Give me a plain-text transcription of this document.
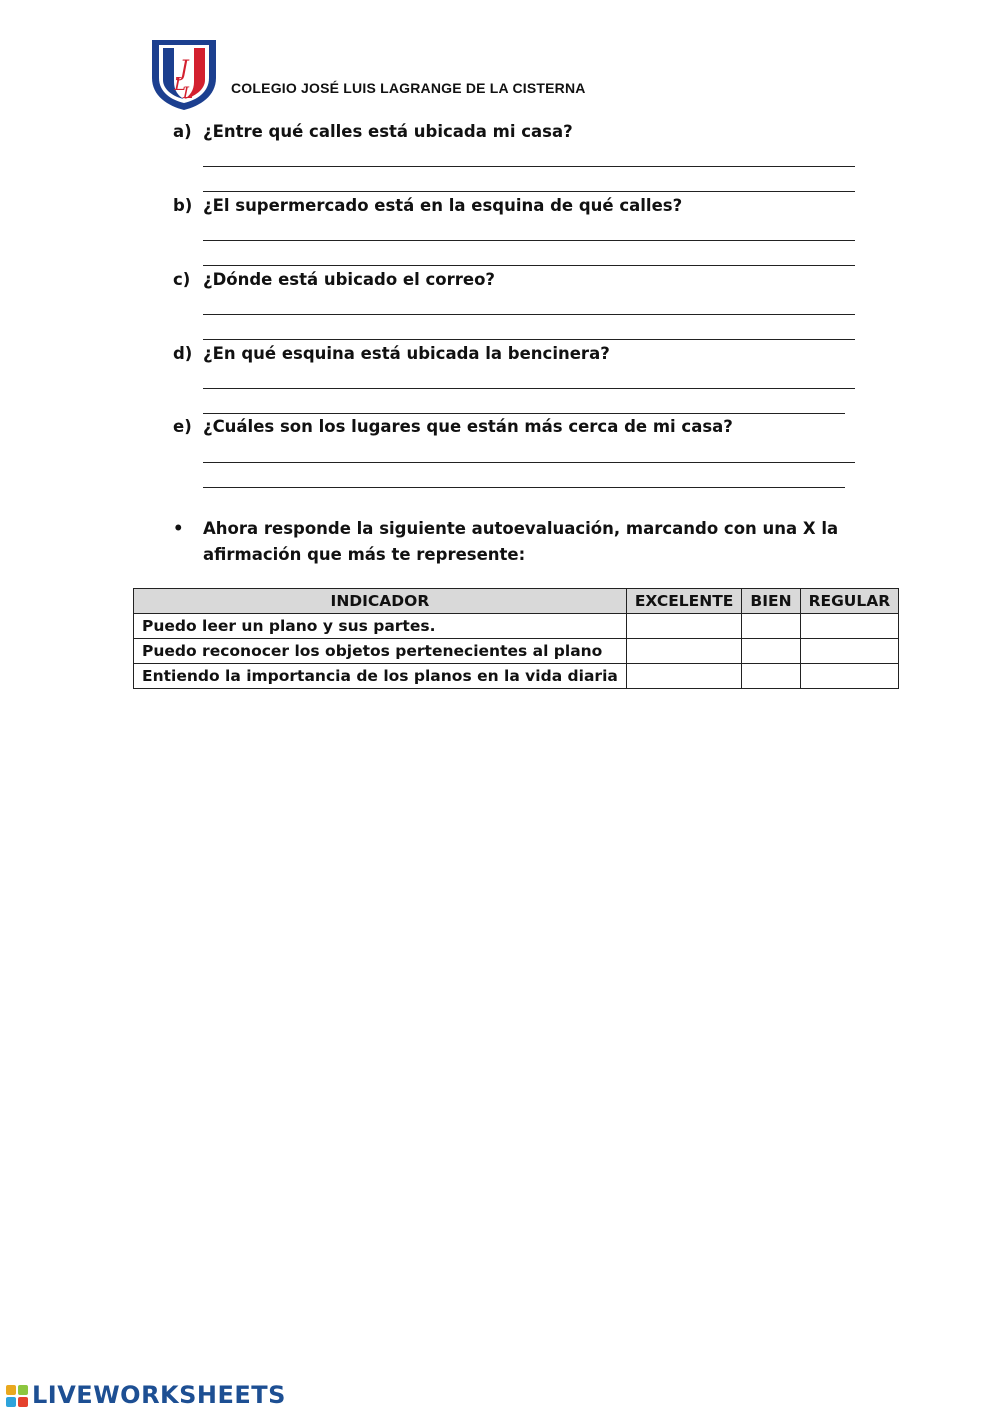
J
L
L	COLEGIO JOSÉ LUIS LAGRANGE DE LA CISTERNA
a) ¿Entre qué calles está ubicada mi casa?
b) ¿El supermercado está en la esquina de qué calles?
c) ¿Dónde está ubicado el correo?
d) ¿En qué esquina está ubicada la bencinera?
e) ¿Cuáles son los lugares que están más cerca de mi casa?
• Ahora responde la siguiente autoevaluación, marcando con una X la afirmación que más te represente:
INDICADOR	EXCELENTE	BIEN	REGULAR
Puedo leer un plano y sus partes.			
Puedo reconocer los objetos pertenecientes al plano			
Entiendo la importancia de los planos en la vida diaria			
LIVEWORKSHEETS
